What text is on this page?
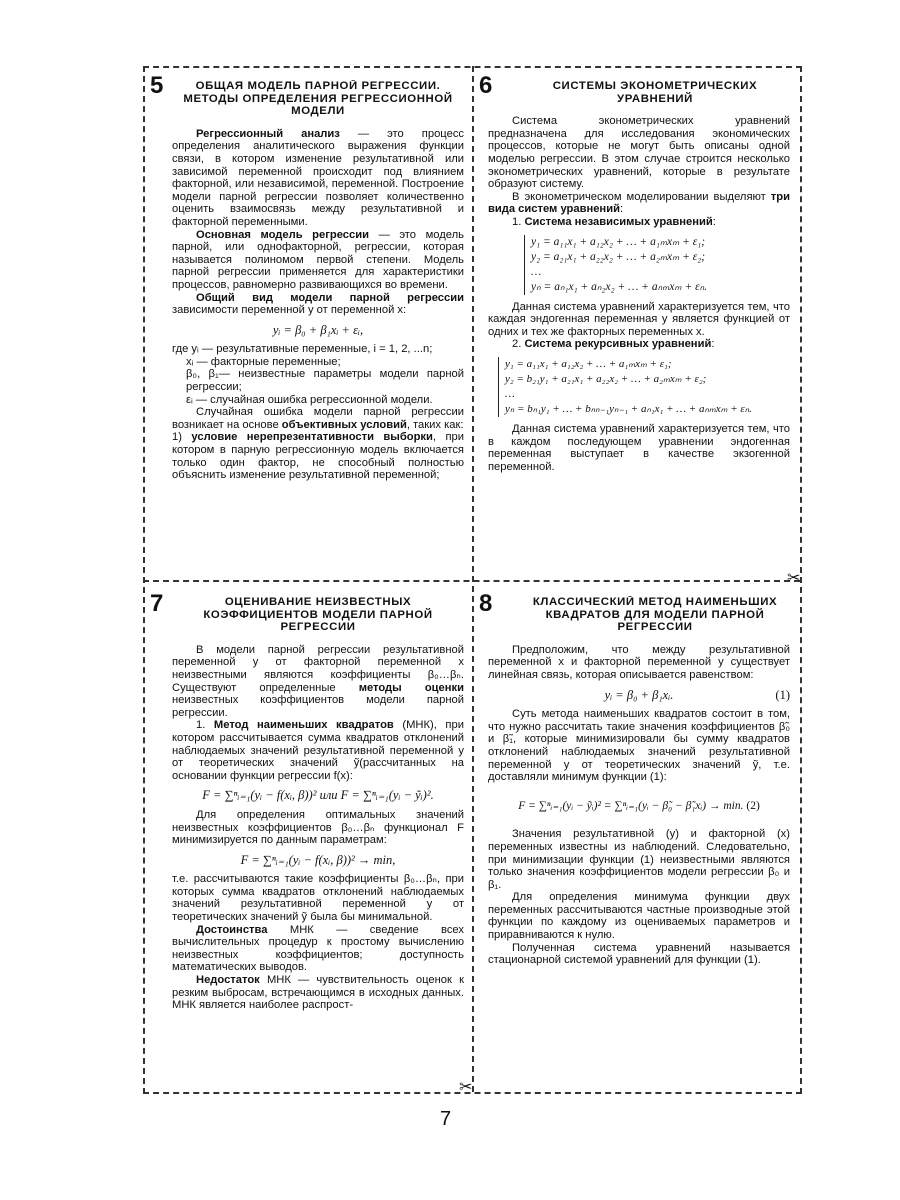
✂
✂
5	ОБЩАЯ МОДЕЛЬ ПАРНОЙ РЕГРЕССИИ. МЕТОДЫ ОПРЕДЕЛЕНИЯ РЕГРЕССИОННОЙ МОДЕЛИ

Регрессионный анализ — это процесс определения аналитического выражения функции связи, в котором изменение результативной или зависимой переменной происходит под влиянием факторной, или независимой, переменной. Построение модели парной регрессии позволяет количественно оценить взаимосвязь между результативной и факторной переменными.

Основная модель регрессии — это модель парной, или однофакторной, регрессии, которая называется полиномом первой степени. Модель парной регрессии применяется для характеристики процессов, равномерно развивающихся во времени.

Общий вид модели парной регрессии зависимости переменной y от переменной x:

yᵢ = β₀ + β₁xᵢ + εᵢ,

где yᵢ — результативные переменные, i = 1, 2, ...n;

xᵢ — факторные переменные;

β₀, β₁— неизвестные параметры модели парной регрессии;

εᵢ — случайная ошибка регрессионной модели.

Случайная ошибка модели парной регрессии возникает на основе объективных условий, таких как:

1) условие нерепрезентативности выборки, при котором в парную регрессионную модель включается только один фактор, не способный полностью объяснить изменение результативной переменной;

6	СИСТЕМЫ ЭКОНОМЕТРИЧЕСКИХ УРАВНЕНИЙ

Система эконометрических уравнений предназначена для исследования экономических процессов, которые не могут быть описаны одной моделью регрессии. В этом случае строится несколько эконометрических уравнений, которые в результате образуют систему.

В эконометрическом моделировании выделяют три вида систем уравнений:

1. Система независимых уравнений:

y₁ = a₁₁x₁ + a₁₂x₂ + … + a₁ₘxₘ + ε₁;
y₂ = a₂₁x₁ + a₂₂x₂ + … + a₂ₘxₘ + ε₂;
…
yₙ = aₙ₁x₁ + aₙ₂x₂ + … + aₙₘxₘ + εₙ.

Данная система уравнений характеризуется тем, что каждая эндогенная переменная y является функцией от одних и тех же факторных переменных x.

2. Система рекурсивных уравнений:

y₁ = a₁₁x₁ + a₁₂x₂ + … + a₁ₘxₘ + ε₁;
y₂ = b₂₁y₁ + a₂₁x₁ + a₂₂x₂ + … + a₂ₘxₘ + ε₂;
…
yₙ = bₙ₁y₁ + … + bₙₙ₋₁yₙ₋₁ + aₙ₁x₁ + … + aₙₘxₘ + εₙ.

Данная система уравнений характеризуется тем, что в каждом последующем уравнении эндогенная переменная выступает в качестве экзогенной переменной.

7	ОЦЕНИВАНИЕ НЕИЗВЕСТНЫХ КОЭФФИЦИЕНТОВ МОДЕЛИ ПАРНОЙ РЕГРЕССИИ

В модели парной регрессии результативной переменной y от факторной переменной x неизвестными являются коэффициенты β₀…βₙ. Существуют определенные методы оценки неизвестных коэффициентов модели парной регрессии.

1. Метод наименьших квадратов (МНК), при котором рассчитывается сумма квадратов отклонений наблюдаемых значений результативной переменной y от теоретических значений ỹ(рассчитанных на основании функции регрессии f(x):

F = ∑ⁿᵢ₌₁(yᵢ − f(xᵢ, β))² или F = ∑ⁿᵢ₌₁(yᵢ − ỹᵢ)².

Для определения оптимальных значений неизвестных коэффициентов β₀…βₙ функционал F минимизируется по данным параметрам:

F = ∑ⁿᵢ₌₁(yᵢ − f(xᵢ, β))² → min,

т.е. рассчитываются такие коэффициенты β₀…βₙ, при которых сумма квадратов отклонений наблюдаемых значений результативной переменной y от теоретических значений ỹ была бы минимальной.

Достоинства МНК — сведение всех вычислительных процедур к простому вычислению неизвестных коэффициентов; доступность математических выводов.

Недостаток МНК — чувствительность оценок к резким выбросам, встречающимся в исходных данных. МНК является наиболее распрост-

8	КЛАССИЧЕСКИЙ МЕТОД НАИМЕНЬШИХ КВАДРАТОВ ДЛЯ МОДЕЛИ ПАРНОЙ РЕГРЕССИИ

Предположим, что между результативной переменной x и факторной переменной y существует линейная связь, которая описывается равенством:

yᵢ = β₀ + β₁xᵢ.	(1)

Суть метода наименьших квадратов состоит в том, что нужно рассчитать такие значения коэффициентов β̃₀ и β̃₁, которые минимизировали бы сумму квадратов отклонений наблюдаемых значений результативной переменной y от теоретических значений ỹ, т.е. доставляли минимум функции (1):

F = ∑ⁿᵢ₌₁(yᵢ − ỹᵢ)² = ∑ⁿᵢ₌₁(yᵢ − β̃₀ − β̃₁xᵢ) → min. (2)

Значения результативной (y) и факторной (x) переменных известны из наблюдений. Следовательно, при минимизации функции (1) неизвестными являются только значения коэффициентов модели регрессии β₀ и β₁.

Для определения минимума функции двух переменных рассчитываются частные производные этой функции по каждому из оцениваемых параметров и приравниваются к нулю.

Полученная система уравнений называется стационарной системой уравнений для функции (1).

7
